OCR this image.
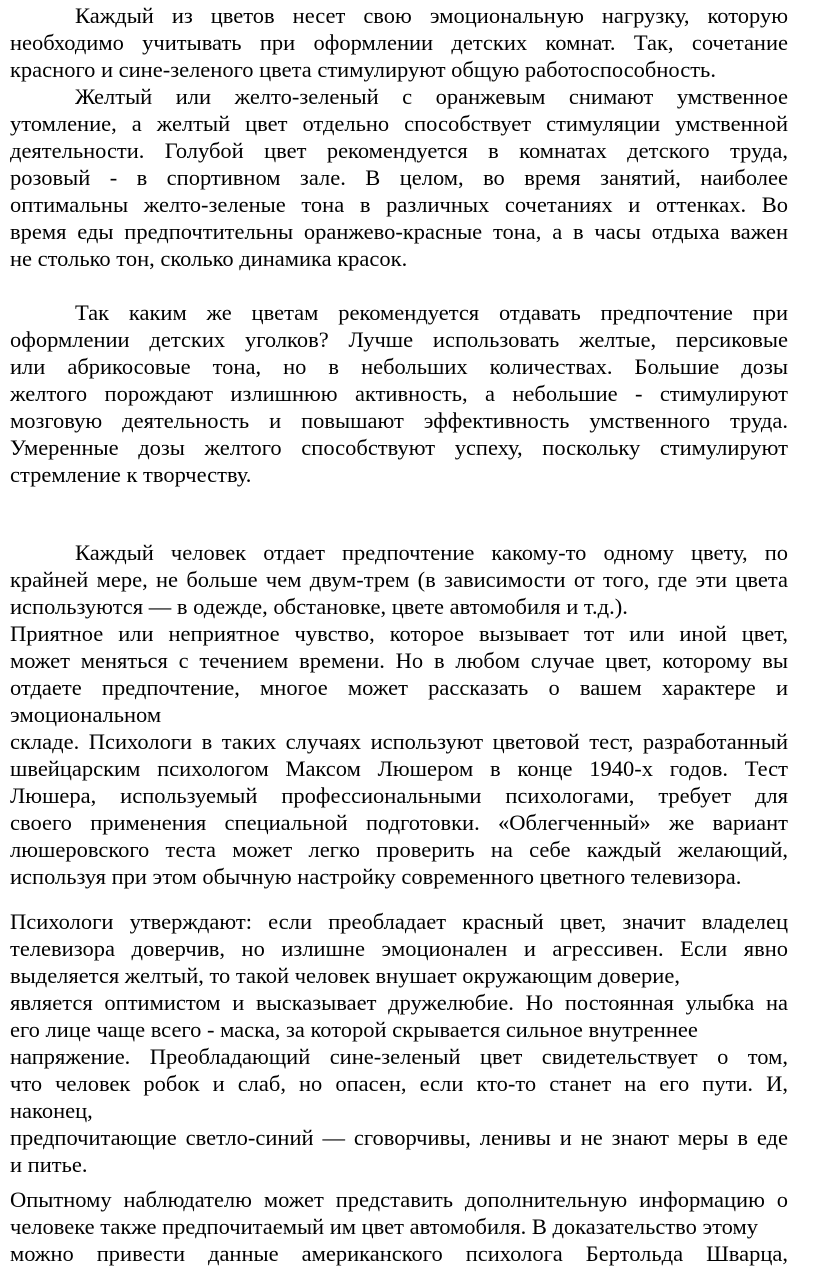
Каждый из цветов несет свою эмоциональную нагрузку, которую
необходимо учитывать при оформлении детских комнат. Так, сочетание
красного и сине-зеленого цвета стимулируют общую работоспособность.
Желтый или желто-зеленый с оранжевым снимают умственное
утомление, а желтый цвет отдельно способствует стимуляции умственной
деятельности. Голубой цвет рекомендуется в комнатах детского труда,
розовый - в спортивном зале. В целом, во время занятий, наиболее
оптимальны желто-зеленые тона в различных сочетаниях и оттенках. Во
время еды предпочтительны оранжево-красные тона, а в часы отдыха важен
не столько тон, сколько динамика красок.
Так каким же цветам рекомендуется отдавать предпочтение при
оформлении детских уголков? Лучше использовать желтые, персиковые
или абрикосовые тона, но в небольших количествах. Большие дозы
желтого порождают излишнюю активность, а небольшие - стимулируют
мозговую деятельность и повышают эффективность умственного труда.
Умеренные дозы желтого способствуют успеху, поскольку стимулируют
стремление к творчеству.
Каждый человек отдает предпочтение какому-то одному цвету, по
крайней мере, не больше чем двум-трем (в зависимости от того, где эти цвета
используются — в одежде, обстановке, цвете автомобиля и т.д.).
Приятное или неприятное чувство, которое вызывает тот или иной цвет,
может меняться с течением времени. Но в любом случае цвет, которому вы
отдаете предпочтение, многое может рассказать о вашем характере и
эмоциональном
складе. Психологи в таких случаях используют цветовой тест, разработанный
швейцарским психологом Максом Люшером в конце 1940-х годов. Тест
Люшера, используемый профессиональными психологами, требует для
своего применения специальной подготовки. «Облегченный» же вариант
люшеровского теста может легко проверить на себе каждый желающий,
используя при этом обычную настройку современного цветного телевизора.
Психологи утверждают: если преобладает красный цвет, значит владелец
телевизора доверчив, но излишне эмоционален и агрессивен. Если явно
выделяется желтый, то такой человек внушает окружающим доверие,
является оптимистом и высказывает дружелюбие. Но постоянная улыбка на
его лице чаще всего - маска, за которой скрывается сильное внутреннее
напряжение. Преобладающий сине-зеленый цвет свидетельствует о том,
что человек робок и слаб, но опасен, если кто-то станет на его пути. И,
наконец,
предпочитающие светло-синий — сговорчивы, ленивы и не знают меры в еде
и питье.
Опытному наблюдателю может представить дополнительную информацию о
человеке также предпочитаемый им цвет автомобиля. В доказательство этому
можно привести данные американского психолога Бертольда Шварца,
